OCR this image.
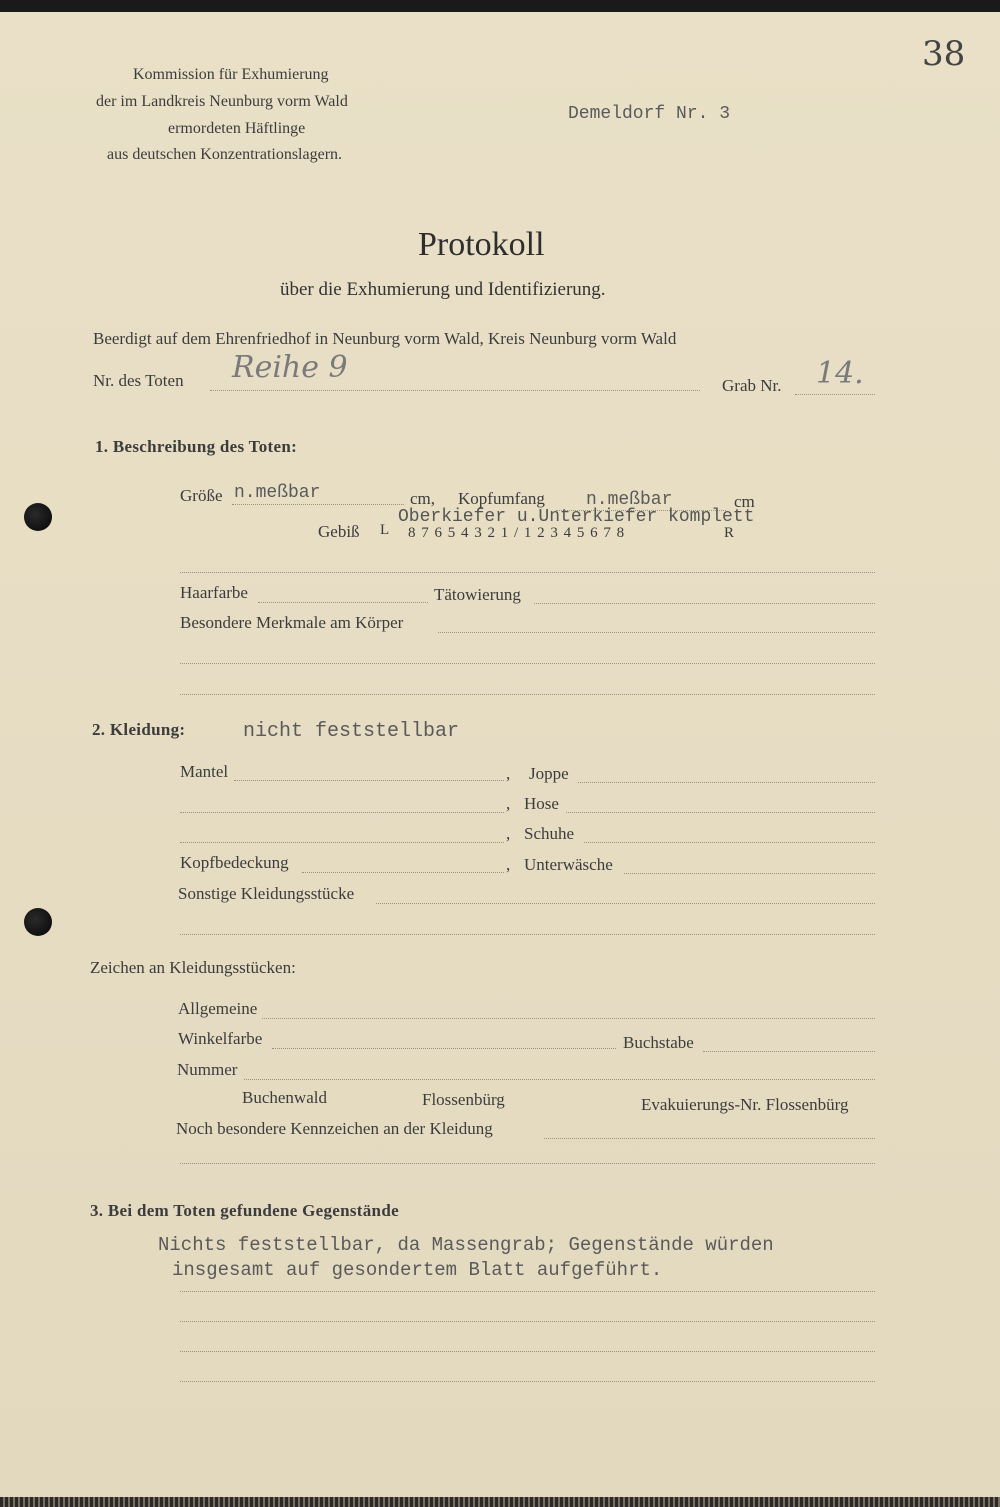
38
Kommission für Exhumierung
der im Landkreis Neunburg vorm Wald
ermordeten Häftlinge
aus deutschen Konzentrationslagern.
Demeldorf Nr. 3
Protokoll
über die Exhumierung und Identifizierung.
Beerdigt auf dem Ehrenfriedhof in Neunburg vorm Wald, Kreis Neunburg vorm Wald
Nr. des Toten Reihe 9
Grab Nr. 14.
1. Beschreibung des Toten:
Größe n.meßbar	cm, Kopfumfang n.meßbar	cm
Gebiß L 8 7 6 5 4 3 2 1 / 1 2 3 4 5 6 7 8	R
Oberkiefer u.Unterkiefer komplett
Haarfarbe	Tätowierung
Besondere Merkmale am Körper
2. Kleidung:	nicht feststellbar
Mantel	, Joppe
, Hose
, Schuhe
Kopfbedeckung	, Unterwäsche
Sonstige Kleidungsstücke
Zeichen an Kleidungsstücken:
Allgemeine
Winkelfarbe	Buchstabe
Nummer
Buchenwald	Flossenbürg	Evakuierungs-Nr. Flossenbürg
Noch besondere Kennzeichen an der Kleidung
3. Bei dem Toten gefundene Gegenstände
Nichts feststellbar, da Massengrab; Gegenstände würden
insgesamt auf gesondertem Blatt aufgeführt.
